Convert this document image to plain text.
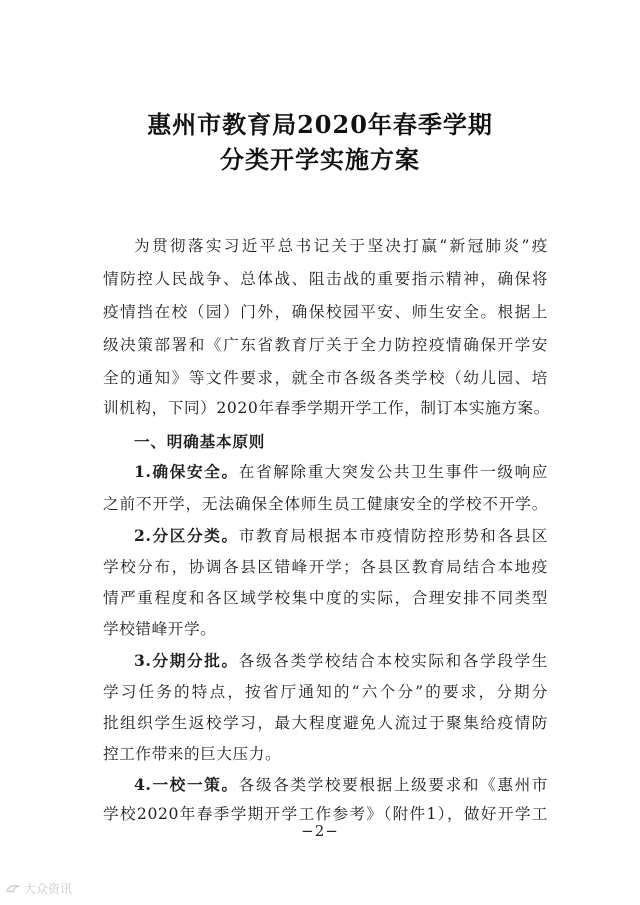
惠州市教育局2020年春季学期
分类开学实施方案
为贯彻落实习近平总书记关于坚决打赢“新冠肺炎”疫
情防控人民战争、总体战、阻击战的重要指示精神，确保将
疫情挡在校（园）门外，确保校园平安、师生安全。根据上
级决策部署和《广东省教育厅关于全力防控疫情确保开学安
全的通知》等文件要求，就全市各级各类学校（幼儿园、培
训机构，下同）2020年春季学期开学工作，制订本实施方案。
一、明确基本原则
1.确保安全。在省解除重大突发公共卫生事件一级响应
之前不开学，无法确保全体师生员工健康安全的学校不开学。
2.分区分类。市教育局根据本市疫情防控形势和各县区
学校分布，协调各县区错峰开学；各县区教育局结合本地疫
情严重程度和各区域学校集中度的实际，合理安排不同类型
学校错峰开学。
3.分期分批。各级各类学校结合本校实际和各学段学生
学习任务的特点，按省厅通知的“六个分”的要求，分期分
批组织学生返校学习，最大程度避免人流过于聚集给疫情防
控工作带来的巨大压力。
4.一校一策。各级各类学校要根据上级要求和《惠州市
学校2020年春季学期开学工作参考》（附件1），做好开学工
−2−
大众资讯
